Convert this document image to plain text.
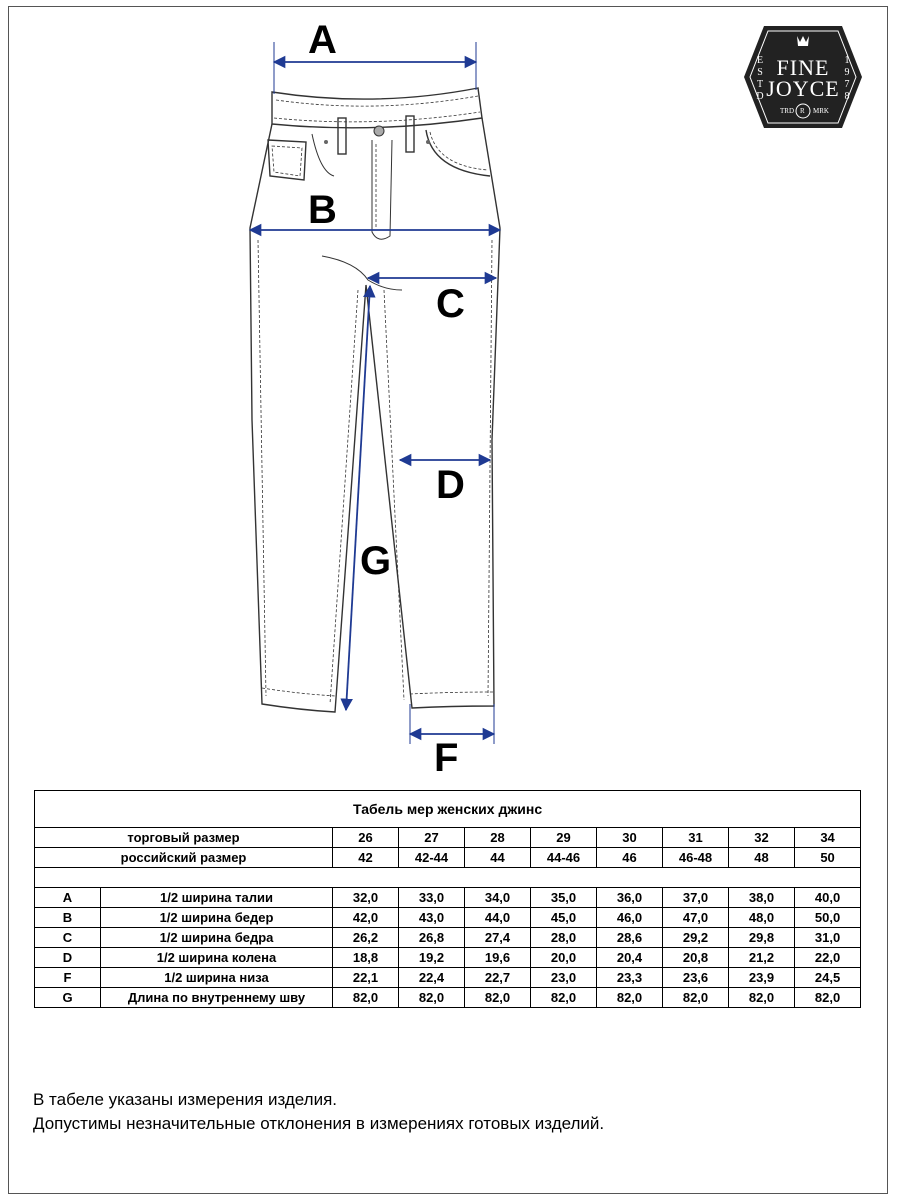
A
B
C
D
G
F
FINE
JOYCE
E
S
T
D
1
9
7
8
TRD R MRK
Табель мер женских джинс									
торговый размер		26	27	28	29	30	31	32	34
российский размер		42	42-44	44	44-46	46	46-48	48	50

A	1/2 ширина талии	32,0	33,0	34,0	35,0	36,0	37,0	38,0	40,0
B	1/2 ширина бедер	42,0	43,0	44,0	45,0	46,0	47,0	48,0	50,0
C	1/2 ширина бедра	26,2	26,8	27,4	28,0	28,6	29,2	29,8	31,0
D	1/2 ширина колена	18,8	19,2	19,6	20,0	20,4	20,8	21,2	22,0
F	1/2 ширина низа	22,1	22,4	22,7	23,0	23,3	23,6	23,9	24,5
G	Длина по внутреннему шву	82,0	82,0	82,0	82,0	82,0	82,0	82,0	82,0
В табеле указаны измерения изделия.
Допустимы незначительные отклонения в измерениях готовых изделий.
